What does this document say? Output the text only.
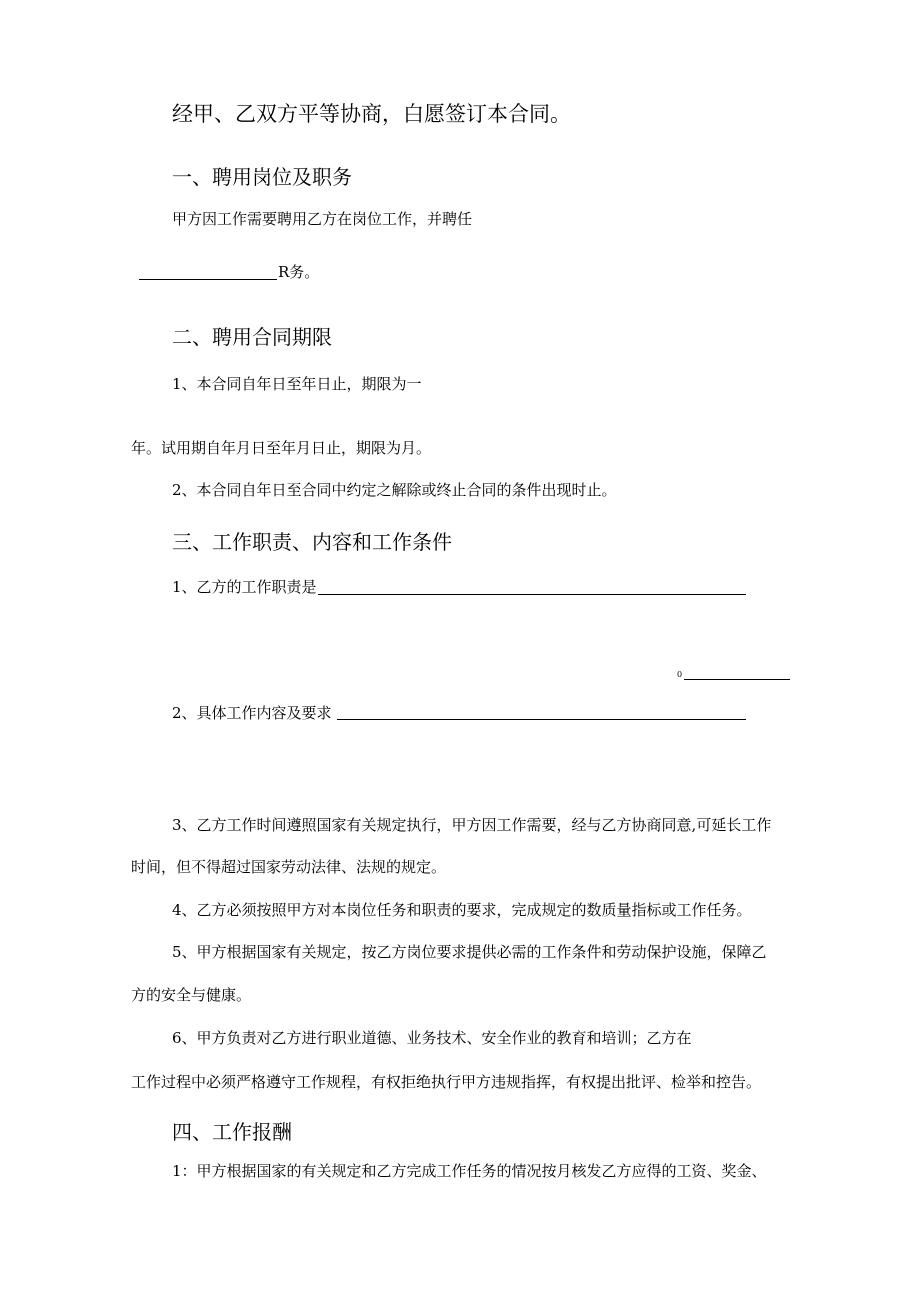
经甲、乙双方平等协商，白愿签订本合同。
一、聘用岗位及职务
甲方因工作需要聘用乙方在岗位工作，并聘任
R务。
二、聘用合同期限
1、本合同自年日至年日止，期限为一
年。试用期自年月日至年月日止，期限为月。
2、本合同自年日至合同中约定之解除或终止合同的条件出现时止。
三、工作职责、内容和工作条件
1、乙方的工作职责是
0
2、具体工作内容及要求
3、乙方工作时间遵照国家有关规定执行，甲方因工作需要，经与乙方协商同意,可延长工作
时间，但不得超过国家劳动法律、法规的规定。
4、乙方必须按照甲方对本岗位任务和职责的要求，完成规定的数质量指标或工作任务。
5、甲方根据国家有关规定，按乙方岗位要求提供必需的工作条件和劳动保护设施，保障乙
方的安全与健康。
6、甲方负责对乙方进行职业道德、业务技术、安全作业的教育和培训；乙方在
工作过程中必须严格遵守工作规程，有权拒绝执行甲方违规指挥，有权提出批评、检举和控告。
四、工作报酬
1：甲方根据国家的有关规定和乙方完成工作任务的情况按月核发乙方应得的工资、奖金、
